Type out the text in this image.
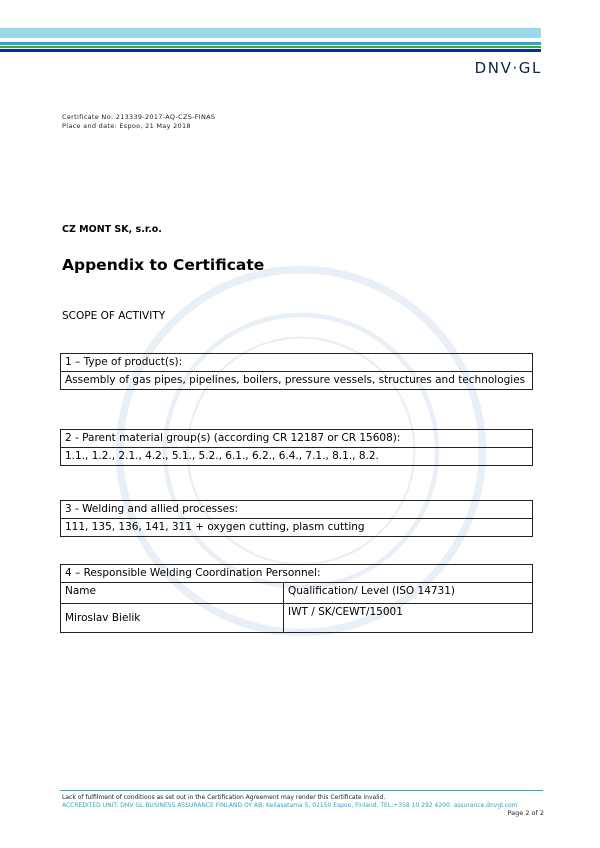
DNV·GL
Certificate No: 213339-2017-AQ-CZS-FINAS
Place and date: Espoo, 21 May 2018
CZ MONT SK, s.r.o.
Appendix to Certificate
SCOPE OF ACTIVITY
1 – Type of product(s):
Assembly of gas pipes, pipelines, boilers, pressure vessels, structures and technologies
2 - Parent material group(s) (according CR 12187 or CR 15608):
1.1., 1.2., 2.1., 4.2., 5.1., 5.2., 6.1., 6.2., 6.4., 7.1., 8.1., 8.2.
3 - Welding and allied processes:
111, 135, 136, 141, 311 + oxygen cutting, plasm cutting
4 – Responsible Welding Coordination Personnel:	
Name	Qualification/ Level (ISO 14731)
Miroslav Bielik	IWT / SK/CEWT/15001
Lack of fulfilment of conditions as set out in the Certification Agreement may render this Certificate invalid.
ACCREDITED UNIT: DNV GL BUSINESS ASSURANCE FINLAND OY AB, Keilasatama 5, 02150 Espoo, Finland. TEL:+358 10 292 4200. assurance.dnvgl.com
Page 2 of 2
